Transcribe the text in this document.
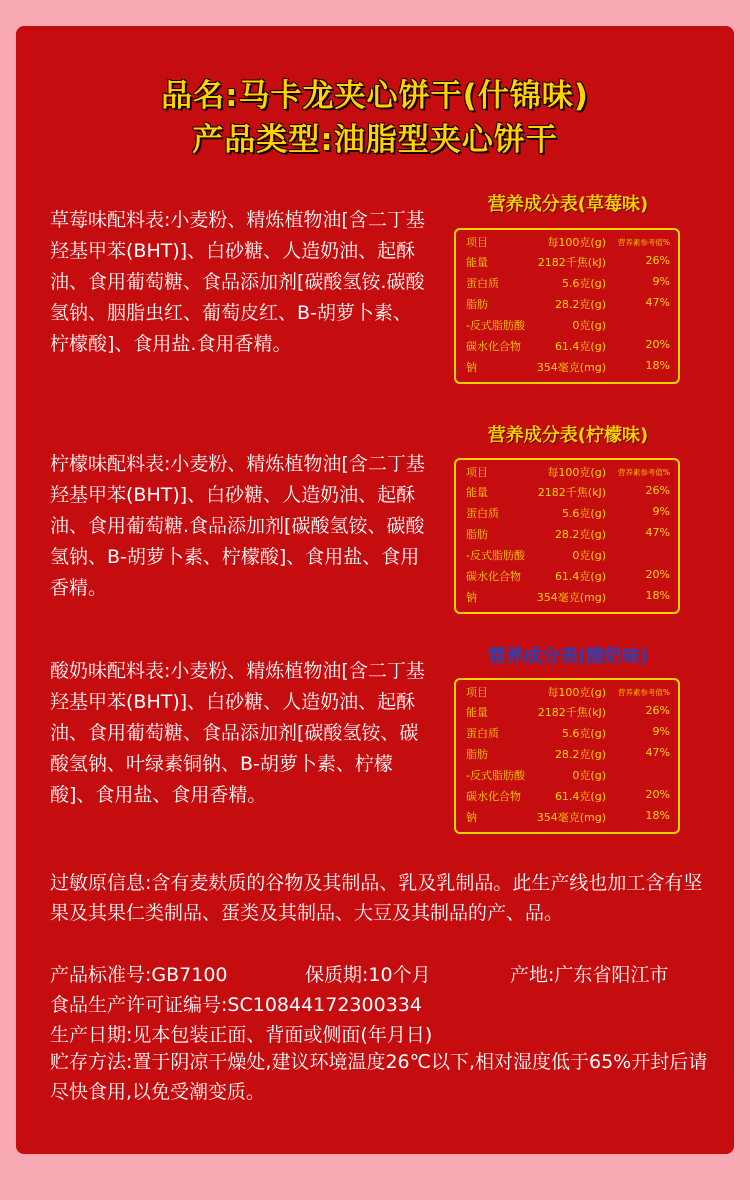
品名:马卡龙夹心饼干(什锦味)
产品类型:油脂型夹心饼干
草莓味配料表:小麦粉、精炼植物油[含二丁基羟基甲苯(BHT)]、白砂糖、人造奶油、起酥油、食用葡萄糖、食品添加剂[碳酸氢铵.碳酸氢钠、胭脂虫红、葡萄皮红、B-胡萝卜素、柠檬酸]、食用盐.食用香精。
柠檬味配料表:小麦粉、精炼植物油[含二丁基羟基甲苯(BHT)]、白砂糖、人造奶油、起酥油、食用葡萄糖.食品添加剂[碳酸氢铵、碳酸氢钠、B-胡萝卜素、柠檬酸]、食用盐、食用香精。
酸奶味配料表:小麦粉、精炼植物油[含二丁基羟基甲苯(BHT)]、白砂糖、人造奶油、起酥油、食用葡萄糖、食品添加剂[碳酸氢铵、碳酸氢钠、叶绿素铜钠、B-胡萝卜素、柠檬酸]、食用盐、食用香精。
营养成分表(草莓味)
项目	每100克(g) 营养素参考值%
能量	2182千焦(kJ)	26%
蛋白质	5.6克(g)	9%
脂肪	28.2克(g)	47%
-反式脂肪酸	0克(g)
碳水化合物	61.4克(g)	20%
钠	354毫克(mg)	18%
营养成分表(柠檬味)
项目	每100克(g) 营养素参考值%
能量	2182千焦(kJ)	26%
蛋白质	5.6克(g)	9%
脂肪	28.2克(g)	47%
-反式脂肪酸	0克(g)
碳水化合物	61.4克(g)	20%
钠	354毫克(mg)	18%
营养成分表(酸奶味)
项目	每100克(g) 营养素参考值%
能量	2182千焦(kJ)	26%
蛋白质	5.6克(g)	9%
脂肪	28.2克(g)	47%
-反式脂肪酸	0克(g)
碳水化合物	61.4克(g)	20%
钠	354毫克(mg)	18%
过敏原信息:含有麦麸质的谷物及其制品、乳及乳制品。此生产线也加工含有坚果及其果仁类制品、蛋类及其制品、大豆及其制品的产、品。
产品标准号:GB7100	保质期:10个月	产地:广东省阳江市
食品生产许可证编号:SC10844172300334
生产日期:见本包装正面、背面或侧面(年月日)
贮存方法:置于阴凉干燥处,建议环境温度26℃以下,相对湿度低于65%开封后请尽快食用,以免受潮变质。
